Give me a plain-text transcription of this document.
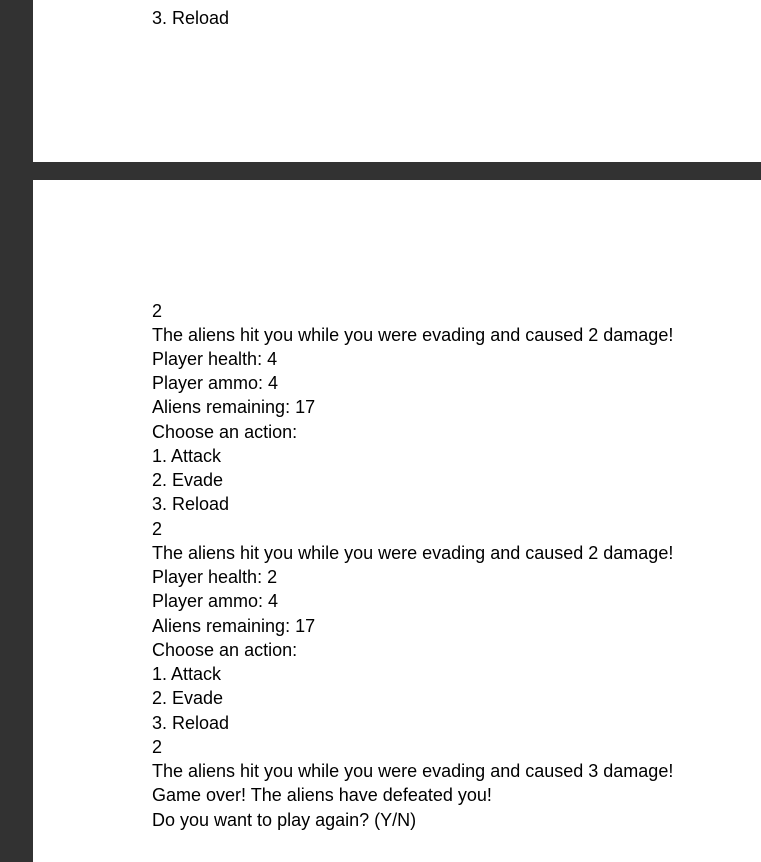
3. Reload
2
The aliens hit you while you were evading and caused 2 damage!
Player health: 4
Player ammo: 4
Aliens remaining: 17
Choose an action:
1. Attack
2. Evade
3. Reload
2
The aliens hit you while you were evading and caused 2 damage!
Player health: 2
Player ammo: 4
Aliens remaining: 17
Choose an action:
1. Attack
2. Evade
3. Reload
2
The aliens hit you while you were evading and caused 3 damage!
Game over! The aliens have defeated you!
Do you want to play again? (Y/N)
